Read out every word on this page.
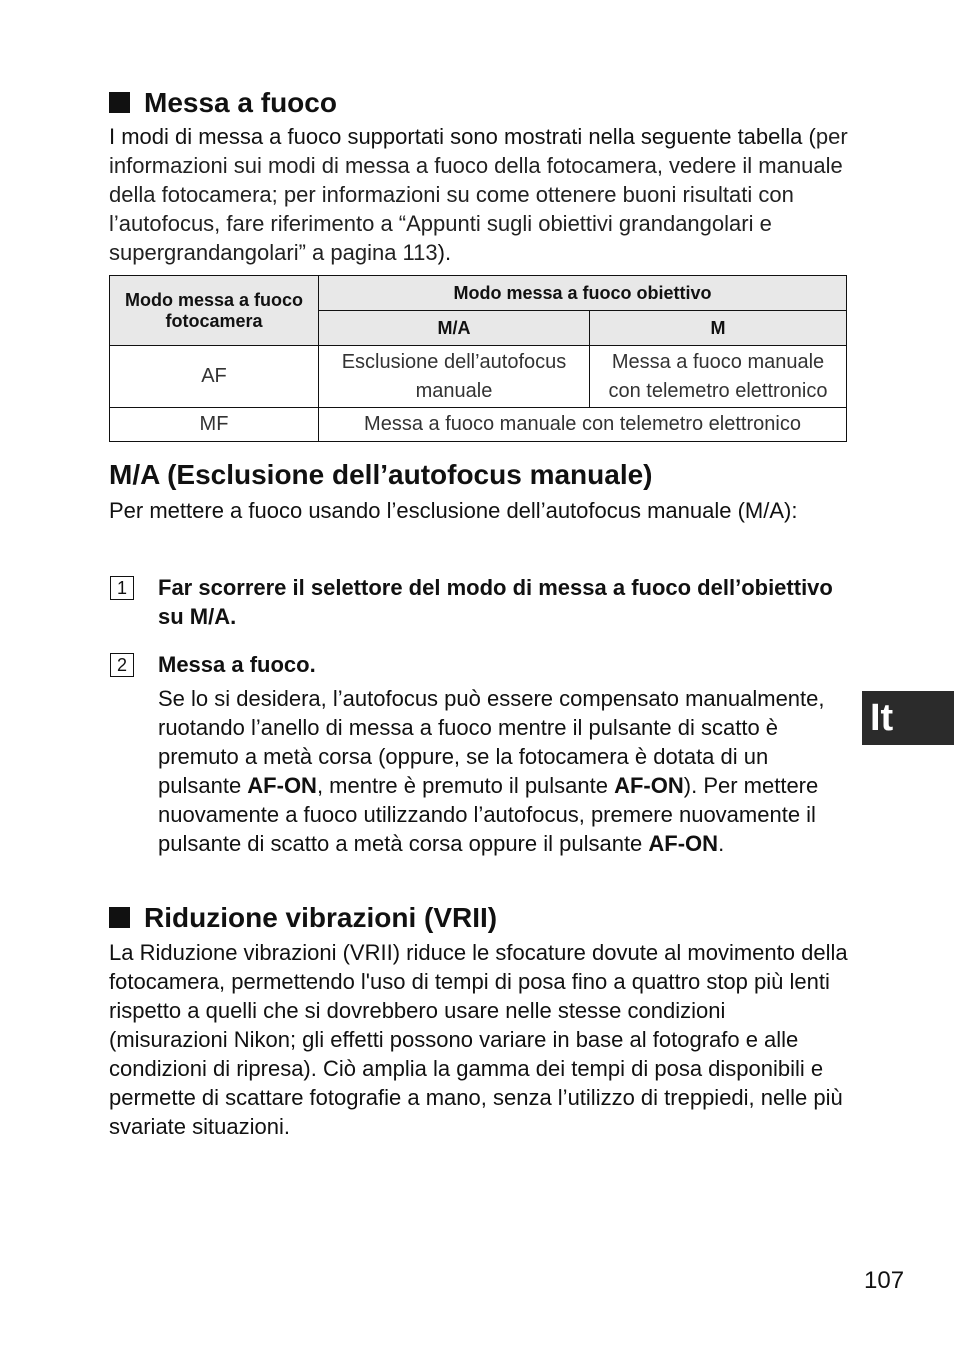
Messa a fuoco

I modi di messa a fuoco supportati sono mostrati nella seguente tabella (per informazioni sui modi di messa a fuoco della fotocamera, vedere il manuale della fotocamera; per informazioni su come ottenere buoni risultati con l’autofocus, fare riferimento a “Appunti sugli obiettivi grandangolari e supergrandangolari” a pagina 113).

Modo messa a fuoco fotocamera	Modo messa a fuoco obiettivo	
	M/A	M
AF	Esclusione dell’autofocus manuale	Messa a fuoco manuale con telemetro elettronico
MF	Messa a fuoco manuale con telemetro elettronico	
M/A (Esclusione dell’autofocus manuale)

Per mettere a fuoco usando l’esclusione dell’autofocus manuale (M/A):

1	Far scorrere il selettore del modo di messa a fuoco dell’obiettivo su M/A.

2	Messa a fuoco.

Se lo si desidera, l’autofocus può essere compensato manualmente, ruotando l’anello di messa a fuoco mentre il pulsante di scatto è premuto a metà corsa (oppure, se la fotocamera è dotata di un pulsante AF-ON, mentre è premuto il pulsante AF-ON). Per mettere nuovamente a fuoco utilizzando l’autofocus, premere nuovamente il pulsante di scatto a metà corsa oppure il pulsante AF-ON.

Riduzione vibrazioni (VRII)

La Riduzione vibrazioni (VRII) riduce le sfocature dovute al movimento della fotocamera, permettendo l'uso di tempi di posa fino a quattro stop più lenti rispetto a quelli che si dovrebbero usare nelle stesse condizioni (misurazioni Nikon; gli effetti possono variare in base al fotografo e alle condizioni di ripresa). Ciò amplia la gamma dei tempi di posa disponibili e permette di scattare fotografie a mano, senza l’utilizzo di treppiedi, nelle più svariate situazioni.

It
107
